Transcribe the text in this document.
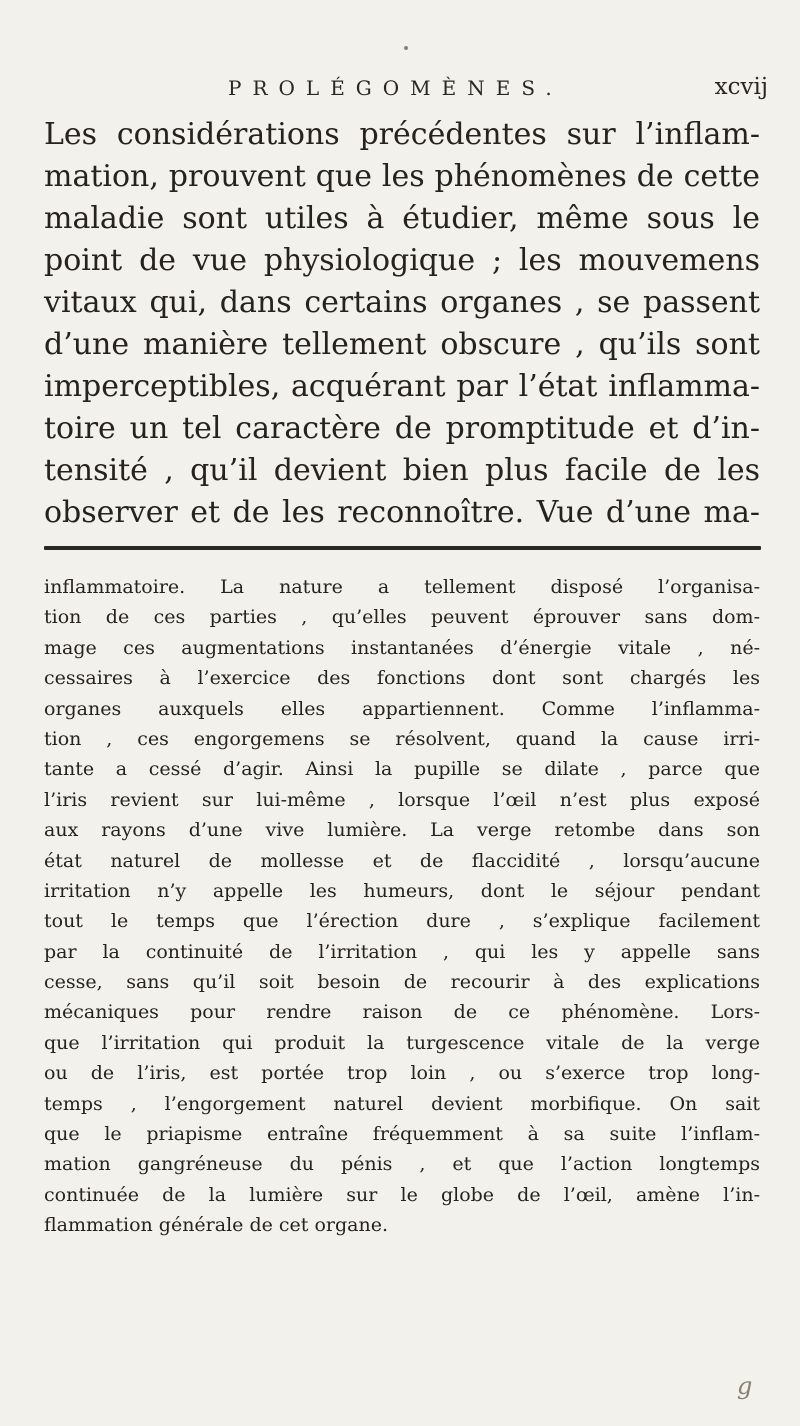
PROLÉGOMÈNES.	xcvij
Les considérations précédentes sur l’inflam-
mation, prouvent que les phénomènes de cette
maladie sont utiles à étudier, même sous le
point de vue physiologique ; les mouvemens
vitaux qui, dans certains organes , se passent
d’une manière tellement obscure , qu’ils sont
imperceptibles, acquérant par l’état inflamma-
toire un tel caractère de promptitude et d’in-
tensité , qu’il devient bien plus facile de les
observer et de les reconnoître. Vue d’une ma-
inflammatoire. La nature a tellement disposé l’organisa-
tion de ces parties , qu’elles peuvent éprouver sans dom-
mage ces augmentations instantanées d’énergie vitale , né-
cessaires à l’exercice des fonctions dont sont chargés les
organes auxquels elles appartiennent. Comme l’inflamma-
tion , ces engorgemens se résolvent, quand la cause irri-
tante a cessé d’agir. Ainsi la pupille se dilate , parce que
l’iris revient sur lui-même , lorsque l’œil n’est plus exposé
aux rayons d’une vive lumière. La verge retombe dans son
état naturel de mollesse et de flaccidité , lorsqu’aucune
irritation n’y appelle les humeurs, dont le séjour pendant
tout le temps que l’érection dure , s’explique facilement
par la continuité de l’irritation , qui les y appelle sans
cesse, sans qu’il soit besoin de recourir à des explications
mécaniques pour rendre raison de ce phénomène. Lors-
que l’irritation qui produit la turgescence vitale de la verge
ou de l’iris, est portée trop loin , ou s’exerce trop long-
temps , l’engorgement naturel devient morbifique. On sait
que le priapisme entraîne fréquemment à sa suite l’inflam-
mation gangréneuse du pénis , et que l’action longtemps
continuée de la lumière sur le globe de l’œil, amène l’in-
flammation générale de cet organe.
g
